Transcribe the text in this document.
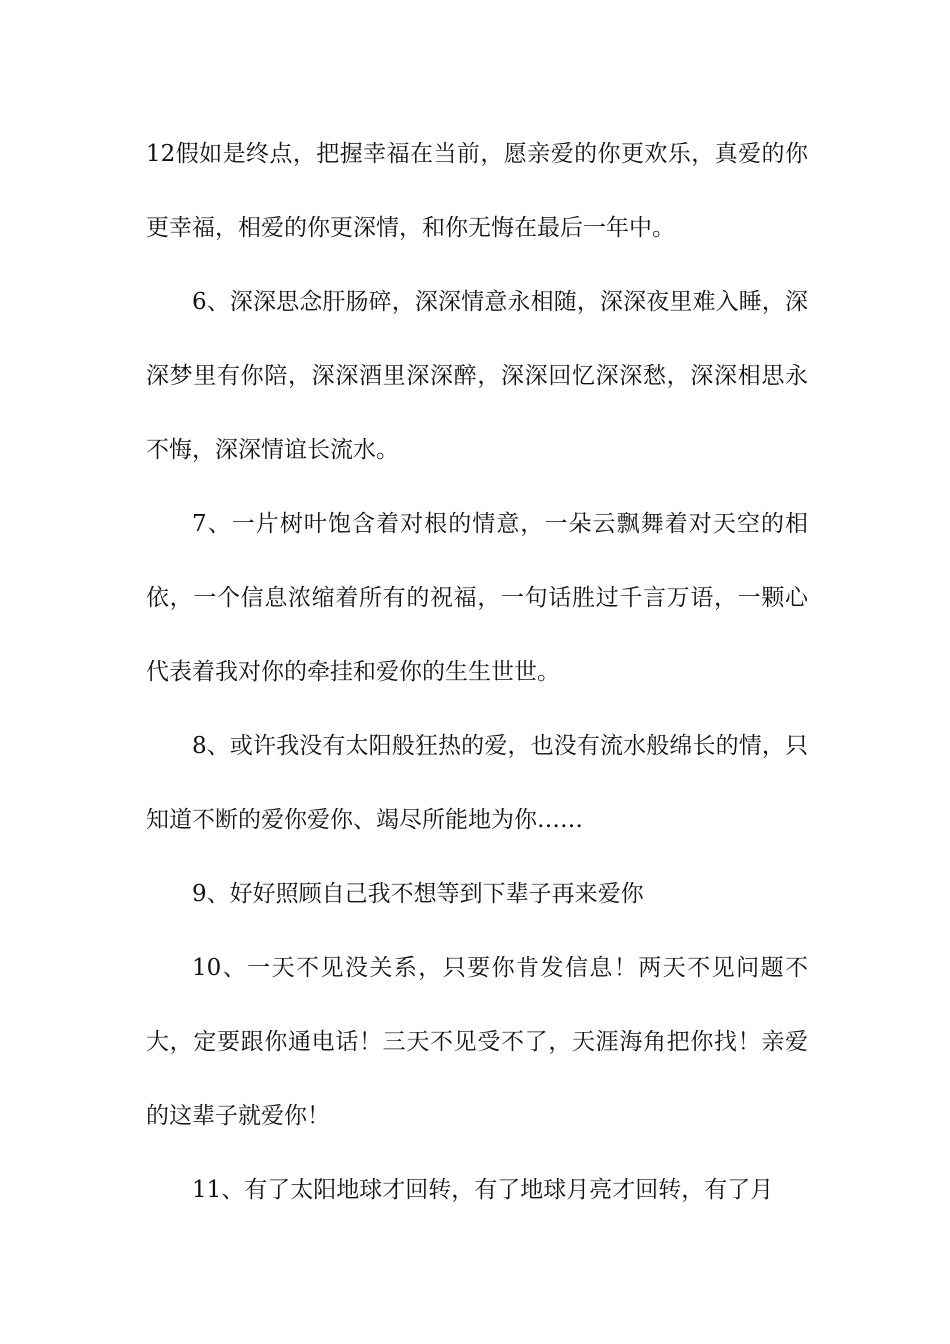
12假如是终点，把握幸福在当前，愿亲爱的你更欢乐，真爱的你更幸福，相爱的你更深情，和你无悔在最后一年中。

6、深深思念肝肠碎，深深情意永相随，深深夜里难入睡，深深梦里有你陪，深深酒里深深醉，深深回忆深深愁，深深相思永不悔，深深情谊长流水。

7、一片树叶饱含着对根的情意，一朵云飘舞着对天空的相依，一个信息浓缩着所有的祝福，一句话胜过千言万语，一颗心代表着我对你的牵挂和爱你的生生世世。

8、或许我没有太阳般狂热的爱，也没有流水般绵长的情，只知道不断的爱你爱你、竭尽所能地为你……

9、好好照顾自己我不想等到下辈子再来爱你

10、一天不见没关系，只要你肯发信息！两天不见问题不大，定要跟你通电话！三天不见受不了，天涯海角把你找！亲爱的这辈子就爱你！

11、有了太阳地球才回转，有了地球月亮才回转，有了月
